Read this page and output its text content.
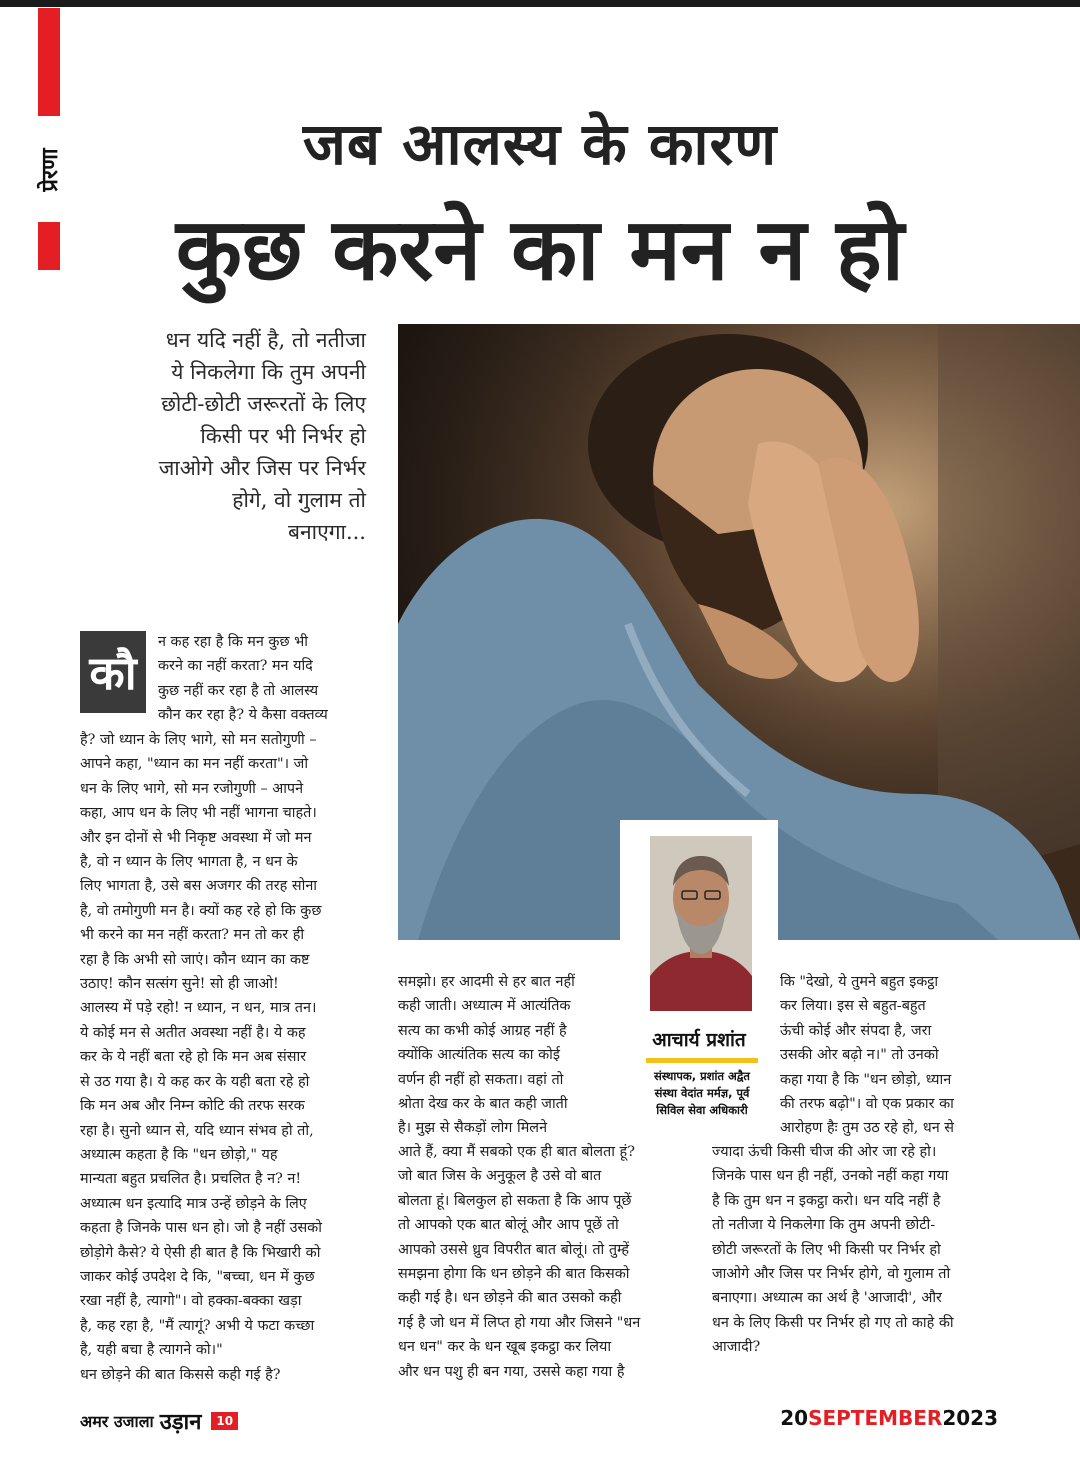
प्रेरणा	जब आलस्य के कारण
कुछ करने का मन न हो
धन यदि नहीं है, तो नतीजा
ये निकलेगा कि तुम अपनी
छोटी-छोटी जरूरतों के लिए
किसी पर भी निर्भर हो
जाओगे और जिस पर निर्भर
होगे, वो गुलाम तो
बनाएगा...
कौ
न कह रहा है कि मन कुछ भी
करने का नहीं करता? मन यदि
कुछ नहीं कर रहा है तो आलस्य
कौन कर रहा है? ये कैसा वक्तव्य
है? जो ध्यान के लिए भागे, सो मन सतोगुणी –
आपने कहा, "ध्यान का मन नहीं करता"। जो
धन के लिए भागे, सो मन रजोगुणी – आपने
कहा, आप धन के लिए भी नहीं भागना चाहते।
और इन दोनों से भी निकृष्ट अवस्था में जो मन
है, वो न ध्यान के लिए भागता है, न धन के
लिए भागता है, उसे बस अजगर की तरह सोना
है, वो तमोगुणी मन है। क्यों कह रहे हो कि कुछ
भी करने का मन नहीं करता? मन तो कर ही
रहा है कि अभी सो जाएं। कौन ध्यान का कष्ट
उठाए! कौन सत्संग सुने! सो ही जाओ!
आलस्य में पड़े रहो! न ध्यान, न धन, मात्र तन।
ये कोई मन से अतीत अवस्था नहीं है। ये कह
कर के ये नहीं बता रहे हो कि मन अब संसार
से उठ गया है। ये कह कर के यही बता रहे हो
कि मन अब और निम्न कोटि की तरफ सरक
रहा है। सुनो ध्यान से, यदि ध्यान संभव हो तो,
अध्यात्म कहता है कि "धन छोड़ो," यह
मान्यता बहुत प्रचलित है। प्रचलित है न? न!
अध्यात्म धन इत्यादि मात्र उन्हें छोड़ने के लिए
कहता है जिनके पास धन हो। जो है नहीं उसको
छोड़ोगे कैसे? ये ऐसी ही बात है कि भिखारी को
जाकर कोई उपदेश दे कि, "बच्चा, धन में कुछ
रखा नहीं है, त्यागो"। वो हक्का-बक्का खड़ा
है, कह रहा है, "मैं त्यागूं? अभी ये फटा कच्छा
है, यही बचा है त्यागने को।"
धन छोड़ने की बात किससे कही गई है?
समझो। हर आदमी से हर बात नहीं
कही जाती। अध्यात्म में आत्यंतिक
सत्य का कभी कोई आग्रह नहीं है
क्योंकि आत्यंतिक सत्य का कोई
वर्णन ही नहीं हो सकता। वहां तो
श्रोता देख कर के बात कही जाती
है। मुझ से सैकड़ों लोग मिलने
आते हैं, क्या मैं सबको एक ही बात बोलता हूं?
जो बात जिस के अनुकूल है उसे वो बात
बोलता हूं। बिलकुल हो सकता है कि आप पूछें
तो आपको एक बात बोलूं और आप पूछें तो
आपको उससे ध्रुव विपरीत बात बोलूं। तो तुम्हें
समझना होगा कि धन छोड़ने की बात किसको
कही गई है। धन छोड़ने की बात उसको कही
गई है जो धन में लिप्त हो गया और जिसने "धन
धन धन" कर के धन खूब इकट्ठा कर लिया
और धन पशु ही बन गया, उससे कहा गया है
कि "देखो, ये तुमने बहुत इकट्ठा
कर लिया। इस से बहुत-बहुत
ऊंची कोई और संपदा है, जरा
उसकी ओर बढ़ो न।" तो उनको
कहा गया है कि "धन छोड़ो, ध्यान
की तरफ बढ़ो"। वो एक प्रकार का
आरोहण हैः तुम उठ रहे हो, धन से
ज्यादा ऊंची किसी चीज की ओर जा रहे हो।
जिनके पास धन ही नहीं, उनको नहीं कहा गया
है कि तुम धन न इकट्ठा करो। धन यदि नहीं है
तो नतीजा ये निकलेगा कि तुम अपनी छोटी-
छोटी जरूरतों के लिए भी किसी पर निर्भर हो
जाओगे और जिस पर निर्भर होगे, वो गुलाम तो
बनाएगा। अध्यात्म का अर्थ है 'आजादी', और
धन के लिए किसी पर निर्भर हो गए तो काहे की
आजादी?
आचार्य प्रशांत
संस्थापक, प्रशांत अद्वैत
संस्था वेदांत मर्मज्ञ, पूर्व
सिविल सेवा अधिकारी
अमर उजाला उड़ान	10	20SEPTEMBER2023
